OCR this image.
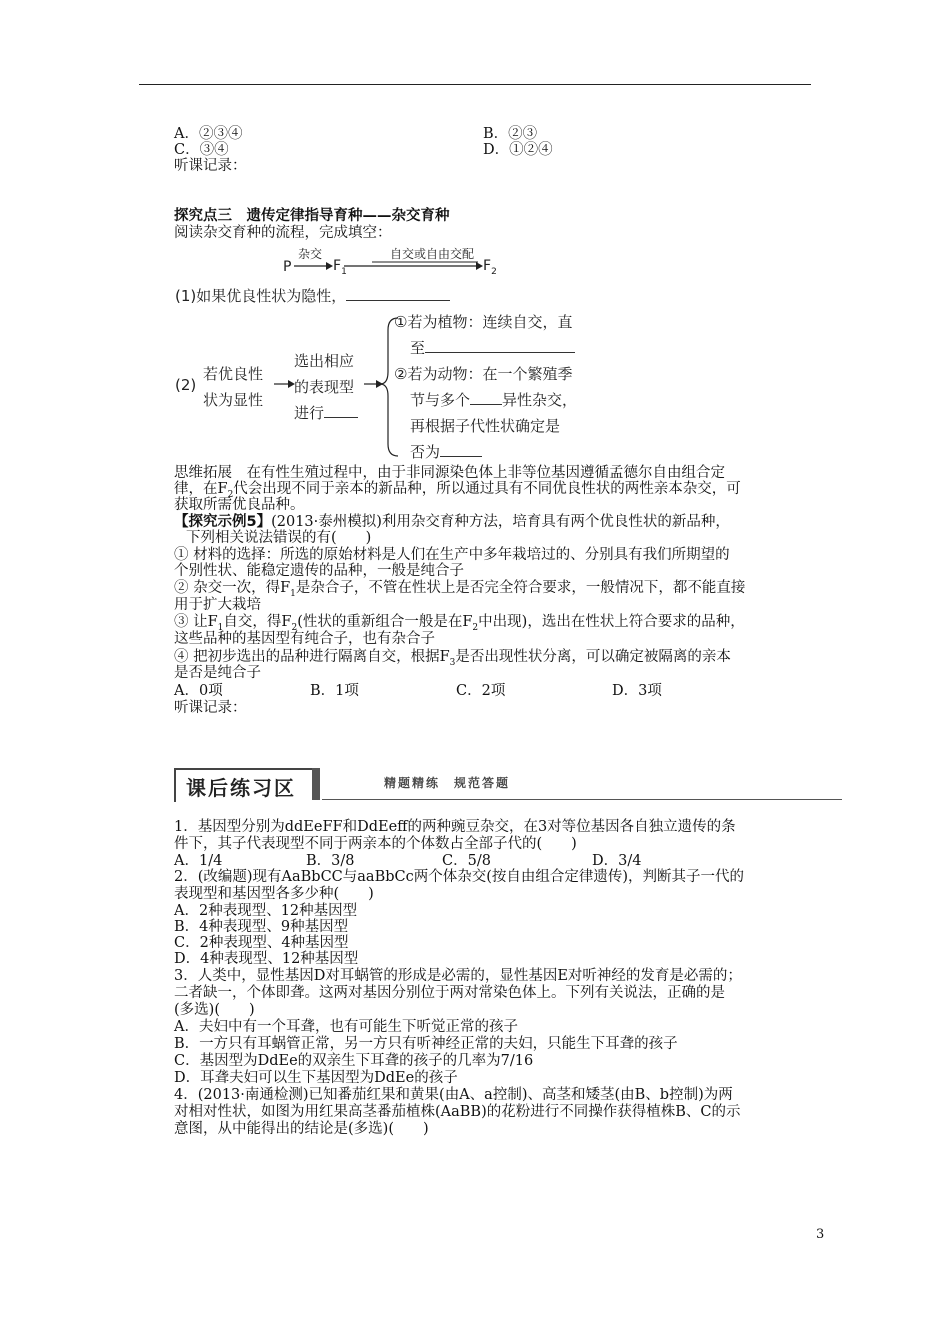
A．②③④	B．②③
C．③④	D．①②④
听课记录：
探究点三　遗传定律指导育种——杂交育种
阅读杂交育种的流程，完成填空：
P
杂交
$F_1$
自交或自由交配
$F_2$
(1)如果优良性状为隐性，
(2)
若优良性
状为显性
选出相应
的表现型
进行
①若为植物：连续自交，直
至
②若为动物：在一个繁殖季
节与多个 异性杂交，
再根据子代性状确定是
否为
思维拓展　在有性生殖过程中，由于非同源染色体上非等位基因遵循孟德尔自由组合定
律，在$F_2$代会出现不同于亲本的新品种，所以通过具有不同优良性状的两性亲本杂交，可
获取所需优良品种。
【探究示例5】(2013·泰州模拟)利用杂交育种方法，培育具有两个优良性状的新品种，
下列相关说法错误的有(　　)
① 材料的选择：所选的原始材料是人们在生产中多年栽培过的、分别具有我们所期望的
个别性状、能稳定遗传的品种，一般是纯合子
② 杂交一次，得$F_1$是杂合子，不管在性状上是否完全符合要求，一般情况下，都不能直接
用于扩大栽培
③ 让$F_1$自交，得$F_2$(性状的重新组合一般是在$F_2$中出现)，选出在性状上符合要求的品种，
这些品种的基因型有纯合子，也有杂合子
④ 把初步选出的品种进行隔离自交，根据$F_3$是否出现性状分离，可以确定被隔离的亲本
是否是纯合子
A．0项	B．1项	C．2项	D．3项
听课记录：
课后练习区	精题精练　规范答题
1．基因型分别为ddEeFF和DdEeff的两种豌豆杂交，在3对等位基因各自独立遗传的条
件下，其子代表现型不同于两亲本的个体数占全部子代的(　　)
A．1/4	B．3/8	C．5/8	D．3/4
2．(改编题)现有AaBbCC与aaBbCc两个体杂交(按自由组合定律遗传)，判断其子一代的
表现型和基因型各多少种(　　)
A．2种表现型、12种基因型
B．4种表现型、9种基因型
C．2种表现型、4种基因型
D．4种表现型、12种基因型
3．人类中，显性基因D对耳蜗管的形成是必需的，显性基因E对听神经的发育是必需的；
二者缺一，个体即聋。这两对基因分别位于两对常染色体上。下列有关说法，正确的是
(多选)(　　)
A．夫妇中有一个耳聋，也有可能生下听觉正常的孩子
B．一方只有耳蜗管正常，另一方只有听神经正常的夫妇，只能生下耳聋的孩子
C．基因型为DdEe的双亲生下耳聋的孩子的几率为7/16
D．耳聋夫妇可以生下基因型为DdEe的孩子
4．(2013·南通检测)已知番茄红果和黄果(由A、a控制)、高茎和矮茎(由B、b控制)为两
对相对性状，如图为用红果高茎番茄植株(AaBB)的花粉进行不同操作获得植株B、C的示
意图，从中能得出的结论是(多选)(　　)
3
